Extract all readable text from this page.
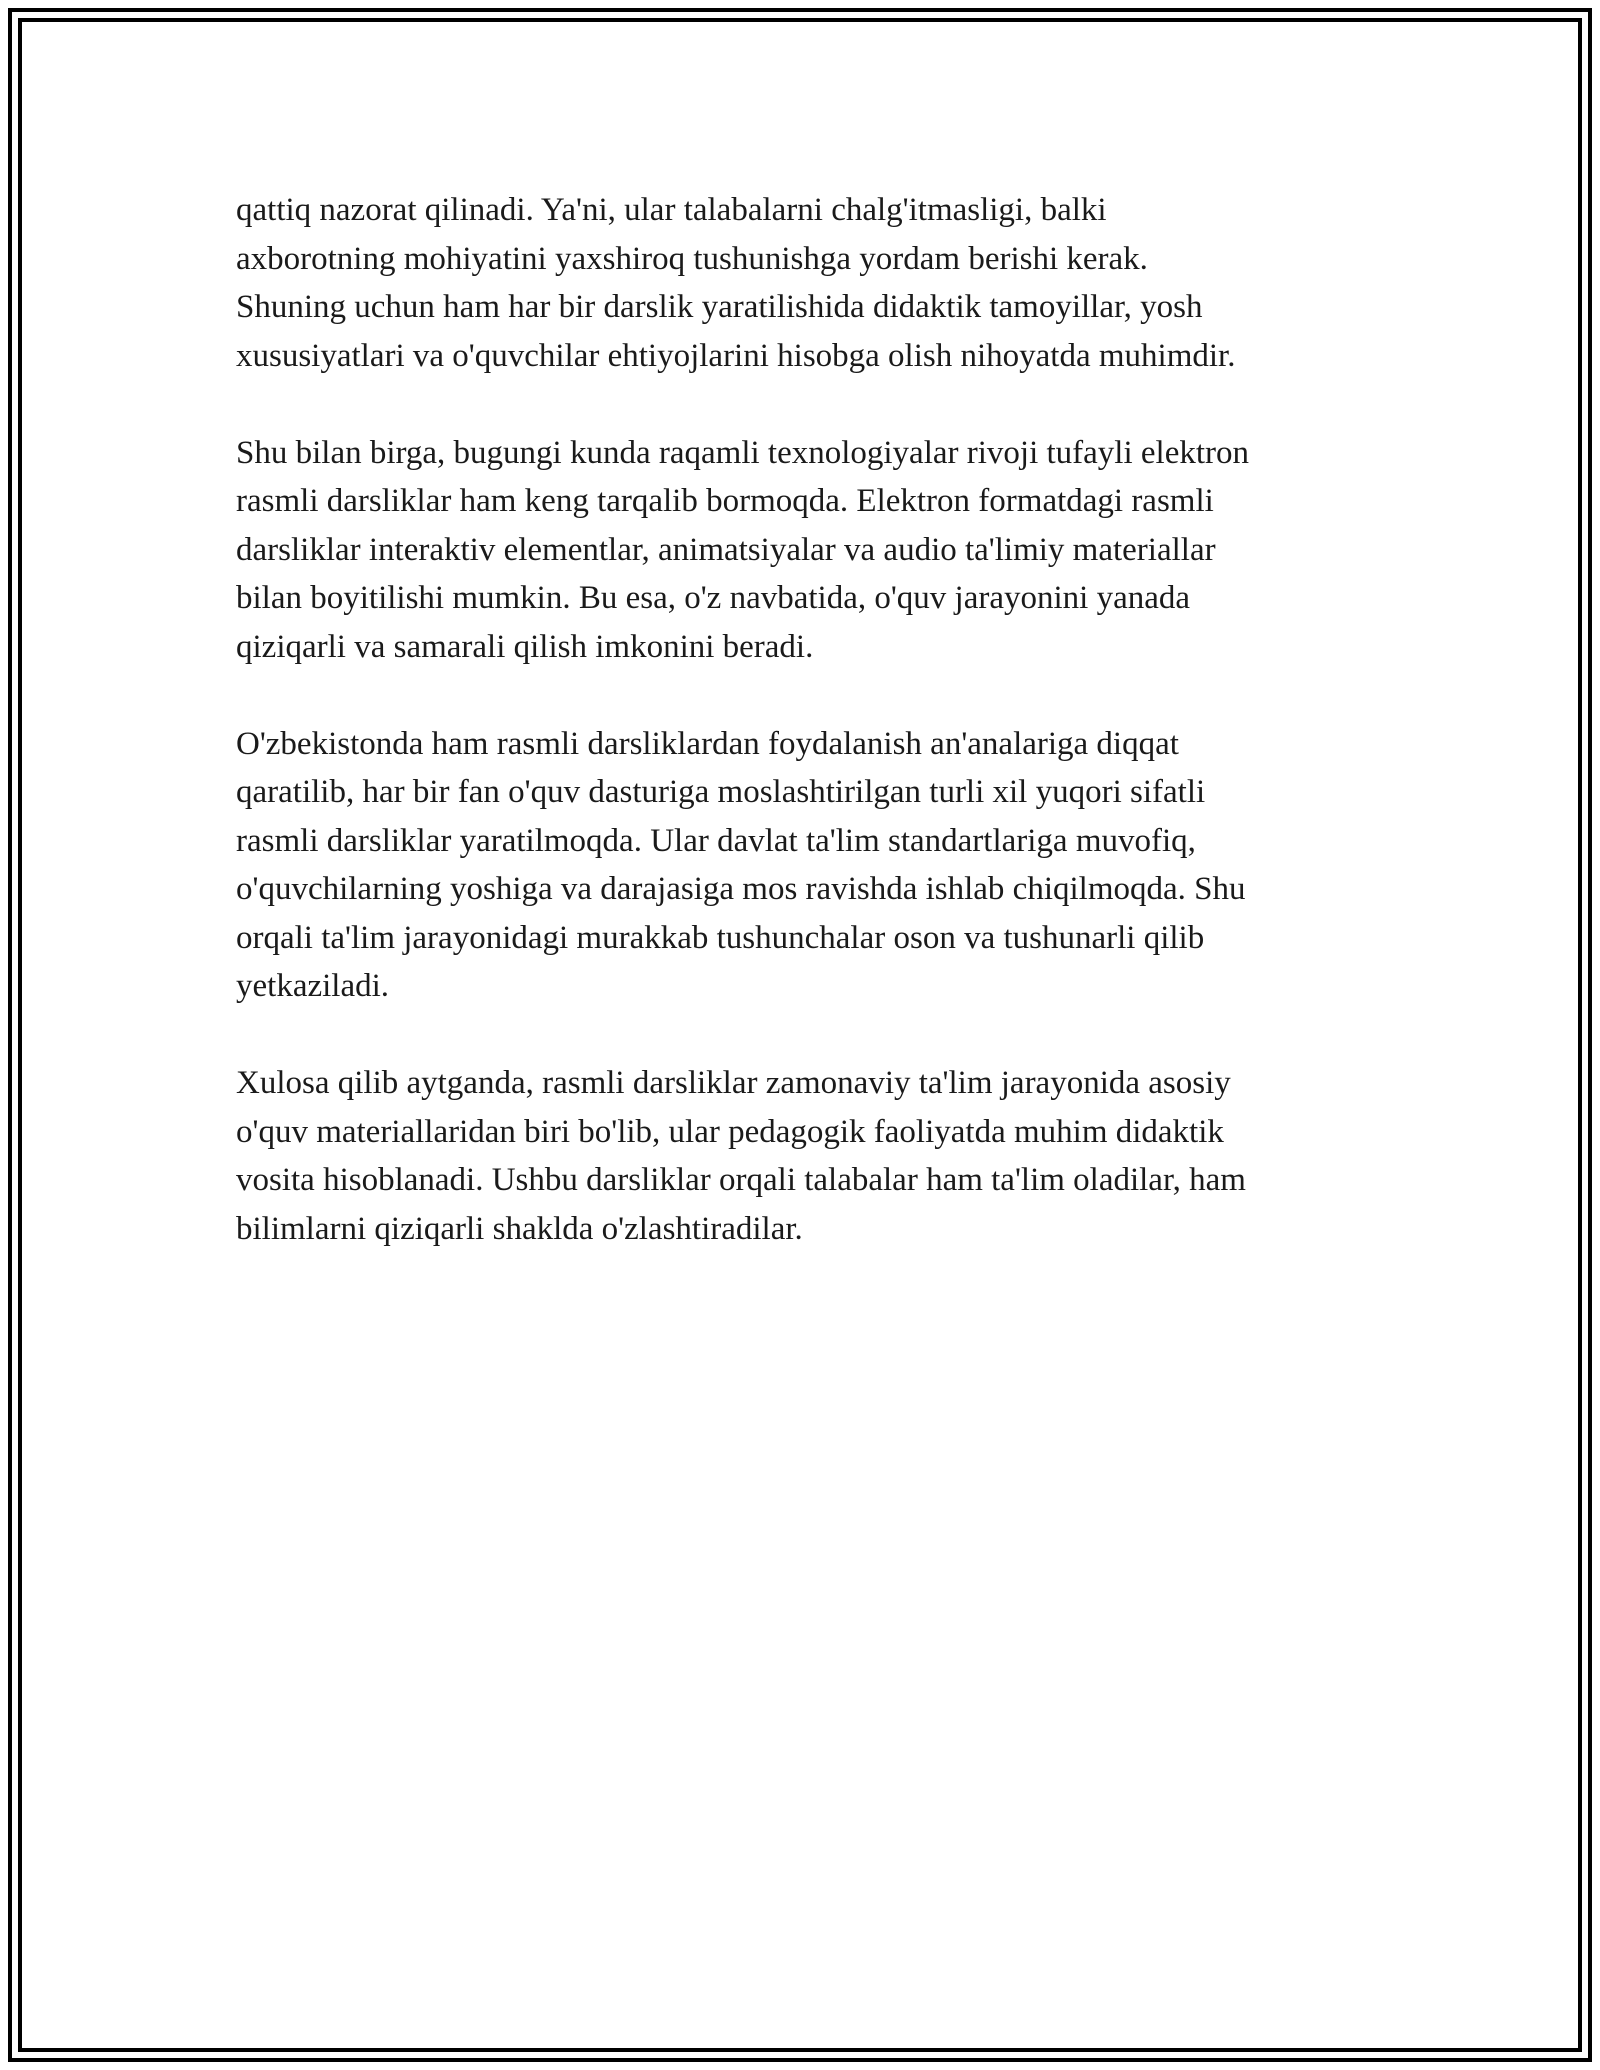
qattiq nazorat qilinadi. Ya'ni, ular talabalarni chalg'itmasligi, balki
axborotning mohiyatini yaxshiroq tushunishga yordam berishi kerak.
Shuning uchun ham har bir darslik yaratilishida didaktik tamoyillar, yosh
xususiyatlari va o'quvchilar ehtiyojlarini hisobga olish nihoyatda muhimdir.

Shu bilan birga, bugungi kunda raqamli texnologiyalar rivoji tufayli elektron
rasmli darsliklar ham keng tarqalib bormoqda. Elektron formatdagi rasmli
darsliklar interaktiv elementlar, animatsiyalar va audio ta'limiy materiallar
bilan boyitilishi mumkin. Bu esa, o'z navbatida, o'quv jarayonini yanada
qiziqarli va samarali qilish imkonini beradi.

O'zbekistonda ham rasmli darsliklardan foydalanish an'analariga diqqat
qaratilib, har bir fan o'quv dasturiga moslashtirilgan turli xil yuqori sifatli
rasmli darsliklar yaratilmoqda. Ular davlat ta'lim standartlariga muvofiq,
o'quvchilarning yoshiga va darajasiga mos ravishda ishlab chiqilmoqda. Shu
orqali ta'lim jarayonidagi murakkab tushunchalar oson va tushunarli qilib
yetkaziladi.

Xulosa qilib aytganda, rasmli darsliklar zamonaviy ta'lim jarayonida asosiy
o'quv materiallaridan biri bo'lib, ular pedagogik faoliyatda muhim didaktik
vosita hisoblanadi. Ushbu darsliklar orqali talabalar ham ta'lim oladilar, ham
bilimlarni qiziqarli shaklda o'zlashtiradilar.
